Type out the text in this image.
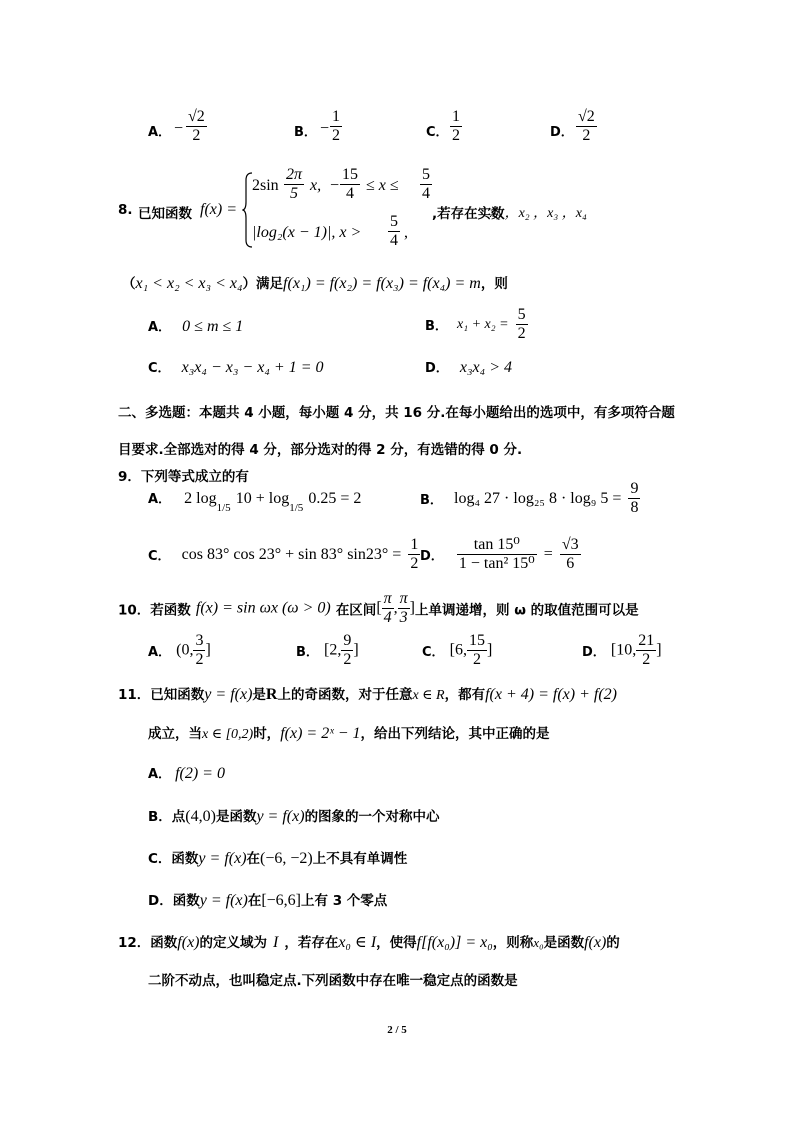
A． − $\frac{√2}{2}$	B． − $\frac{1}{2}$	C． $\frac{1}{2}$	D． $\frac{√2}{2}$
8. 已知函数 f(x) =
$2\sin \frac{2\pi}{5} x$, − $\frac{15}{4} \le x \le \frac{5}{4}$
|log₂(x − 1)|, $x > \frac{5}{4}$ ,
,若存在实数
x₁ ，x₂ ，x₃ ，x₄
（x₁ < x₂ < x₃ < x₄）满足f(x₁) = f(x₂) = f(x₃) = f(x₄) = m，则
A． 0 ≤ m ≤ 1	B． $x_1 + x_2 = \frac{5}{2}$
C． x₃x₄ − x₃ − x₄ + 1 = 0	D． x₃x₄ > 4
二、多选题：本题共 4 小题，每小题 4 分，共 16 分.在每小题给出的选项中，有多项符合题
目要求.全部选对的得 4 分，部分选对的得 2 分，有选错的得 0 分.
9．下列等式成立的有
A． 2 $\log_{1/5} 10 + \log_{1/5} 0.25 = 2$	B． log₄ 27 · log₂₅ 8 · log₉ $5 = \frac{9}{8}$
C． cos 83° cos 23° + sin 83° $\sin 23^\circ = \frac{1}{2}$ D． $\frac{\text{tan 15⁰}}{\text{1 − tan² 15⁰}} = \frac{√3}{6}$
10．若函数 f(x) = sin ωx (ω > 0) 在区间[ $\frac{\pi}{4}$ , $\frac{\pi}{3}$ ]上单调递增，则 ω 的取值范围可以是
A． (0, $\frac{3}{2}$ ]	B． [2, $\frac{9}{2}$ ]	C． [6, $\frac{15}{2}$ ]	D． [10, $\frac{21}{2}$ ]
11．已知函数y = f(x)是R上的奇函数，对于任意x ∈ R，都有f(x + 4) = f(x) + f(2)
成立，当x ∈ [0,2)时，f(x) = 2ˣ − 1，给出下列结论，其中正确的是
A． f(2) = 0
B．点(4,0)是函数y = f(x)的图象的一个对称中心
C．函数y = f(x)在(−6, −2)上不具有单调性
D．函数y = f(x)在[−6,6]上有 3 个零点
12．函数f(x)的定义域为 I ，若存在x₀ ∈ I，使得f[f(x₀)] = x₀，则称x₀是函数f(x)的
二阶不动点，也叫稳定点.下列函数中存在唯一稳定点的函数是
2 / 5
